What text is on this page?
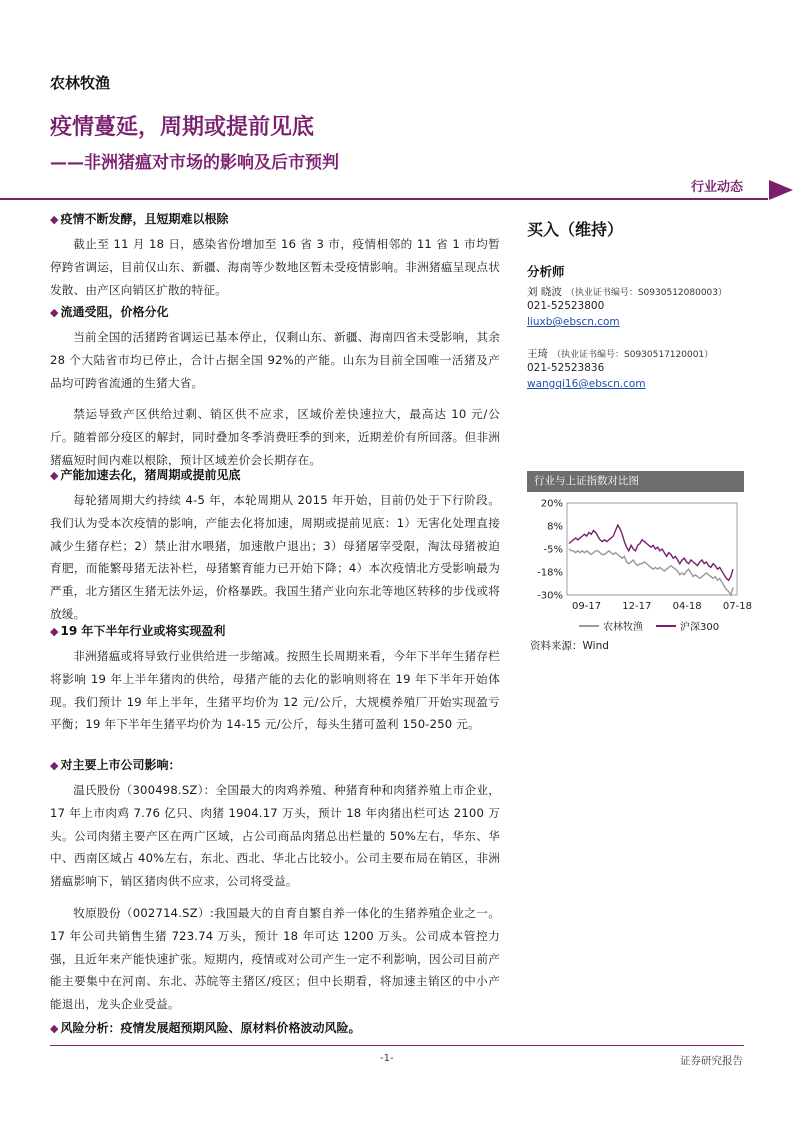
农林牧渔
疫情蔓延，周期或提前见底
——非洲猪瘟对市场的影响及后市预判
行业动态
◆ 疫情不断发酵，且短期难以根除
截止至 11 月 18 日，感染省份增加至 16 省 3 市，疫情相邻的 11 省 1 市均暂停跨省调运，目前仅山东、新疆、海南等少数地区暂未受疫情影响。非洲猪瘟呈现点状发散、由产区向销区扩散的特征。
◆ 流通受阻，价格分化
当前全国的活猪跨省调运已基本停止，仅剩山东、新疆、海南四省未受影响，其余 28 个大陆省市均已停止，合计占据全国 92%的产能。山东为目前全国唯一活猪及产品均可跨省流通的生猪大省。
禁运导致产区供给过剩、销区供不应求，区域价差快速拉大，最高达 10 元/公斤。随着部分疫区的解封，同时叠加冬季消费旺季的到来，近期差价有所回落。但非洲猪瘟短时间内难以根除，预计区域差价会长期存在。
◆ 产能加速去化，猪周期或提前见底
每轮猪周期大约持续 4-5 年，本轮周期从 2015 年开始，目前仍处于下行阶段。我们认为受本次疫情的影响，产能去化将加速，周期或提前见底：1）无害化处理直接减少生猪存栏；2）禁止泔水喂猪，加速散户退出；3）母猪屠宰受限，淘汰母猪被迫育肥，而能繁母猪无法补栏，母猪繁育能力已开始下降；4）本次疫情北方受影响最为严重，北方猪区生猪无法外运，价格暴跌。我国生猪产业向东北等地区转移的步伐或将放缓。
◆ 19 年下半年行业或将实现盈利
非洲猪瘟或将导致行业供给进一步缩减。按照生长周期来看，今年下半年生猪存栏将影响 19 年上半年猪肉的供给，母猪产能的去化的影响则将在 19 年下半年开始体现。我们预计 19 年上半年，生猪平均价为 12 元/公斤，大规模养殖厂开始实现盈亏平衡；19 年下半年生猪平均价为 14-15 元/公斤，每头生猪可盈利 150-250 元。
◆ 对主要上市公司影响：
温氏股份（300498.SZ）：全国最大的肉鸡养殖、种猪育种和肉猪养殖上市企业，17 年上市肉鸡 7.76 亿只、肉猪 1904.17 万头，预计 18 年肉猪出栏可达 2100 万头。公司肉猪主要产区在两广区域，占公司商品肉猪总出栏量的 50%左右，华东、华中、西南区域占 40%左右，东北、西北、华北占比较小。公司主要布局在销区，非洲猪瘟影响下，销区猪肉供不应求，公司将受益。
牧原股份（002714.SZ）:我国最大的自育自繁自养一体化的生猪养殖企业之一。17 年公司共销售生猪 723.74 万头，预计 18 年可达 1200 万头。公司成本管控力强，且近年来产能快速扩张。短期内，疫情或对公司产生一定不利影响，因公司目前产能主要集中在河南、东北、苏皖等主猪区/疫区；但中长期看，将加速主销区的中小产能退出，龙头企业受益。
◆ 风险分析：疫情发展超预期风险、原材料价格波动风险。
买入（维持）
分析师
刘 晓波 （执业证书编号：S0930512080003）
021-52523800
liuxb@ebscn.com
王琦 （执业证书编号：S0930517120001）
021-52523836
wangqi16@ebscn.com
行业与上证指数对比图
20%
8%
-5%
-18%
-30%
09-17 12-17 04-18 07-18
农林牧渔	沪深300
资料来源：Wind
-1-	证券研究报告
